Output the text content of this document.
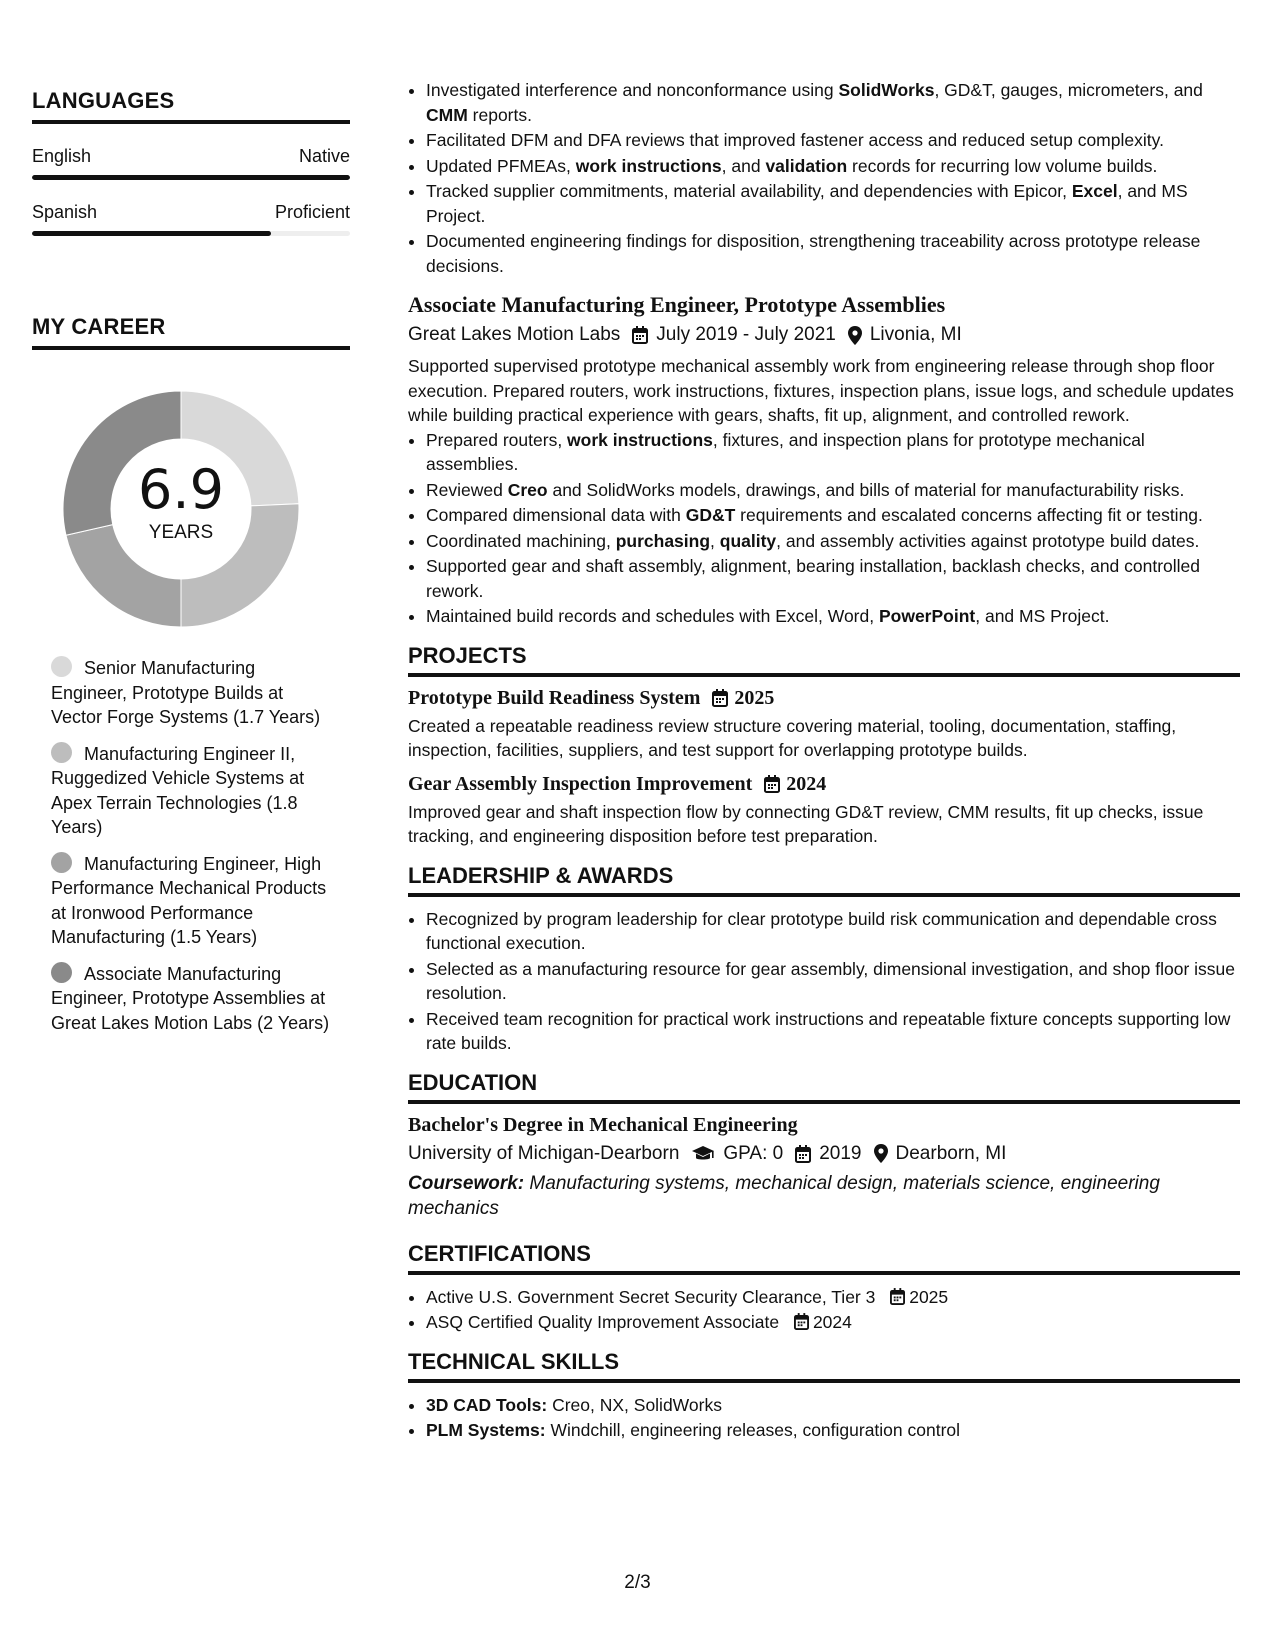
LANGUAGES
English	Native
Spanish	Proficient
MY CAREER
6.9
YEARS
Senior Manufacturing Engineer, Prototype Builds at Vector Forge Systems (1.7 Years)
Manufacturing Engineer II, Ruggedized Vehicle Systems at Apex Terrain Technologies (1.8 Years)
Manufacturing Engineer, High Performance Mechanical Products at Ironwood Performance Manufacturing (1.5 Years)
Associate Manufacturing Engineer, Prototype Assemblies at Great Lakes Motion Labs (2 Years)
• Investigated interference and nonconformance using SolidWorks, GD&T, gauges, micrometers, and CMM reports.
• Facilitated DFM and DFA reviews that improved fastener access and reduced setup complexity.
• Updated PFMEAs, work instructions, and validation records for recurring low volume builds.
• Tracked supplier commitments, material availability, and dependencies with Epicor, Excel, and MS Project.
• Documented engineering findings for disposition, strengthening traceability across prototype release decisions.
Associate Manufacturing Engineer, Prototype Assemblies
Great Lakes Motion Labs July 2019 - July 2021 Livonia, MI
Supported supervised prototype mechanical assembly work from engineering release through shop floor execution. Prepared routers, work instructions, fixtures, inspection plans, issue logs, and schedule updates while building practical experience with gears, shafts, fit up, alignment, and controlled rework.
• Prepared routers, work instructions, fixtures, and inspection plans for prototype mechanical assemblies.
• Reviewed Creo and SolidWorks models, drawings, and bills of material for manufacturability risks.
• Compared dimensional data with GD&T requirements and escalated concerns affecting fit or testing.
• Coordinated machining, purchasing, quality, and assembly activities against prototype build dates.
• Supported gear and shaft assembly, alignment, bearing installation, backlash checks, and controlled rework.
• Maintained build records and schedules with Excel, Word, PowerPoint, and MS Project.
PROJECTS
Prototype Build Readiness System 2025
Created a repeatable readiness review structure covering material, tooling, documentation, staffing, inspection, facilities, suppliers, and test support for overlapping prototype builds.
Gear Assembly Inspection Improvement 2024
Improved gear and shaft inspection flow by connecting GD&T review, CMM results, fit up checks, issue tracking, and engineering disposition before test preparation.
LEADERSHIP & AWARDS
• Recognized by program leadership for clear prototype build risk communication and dependable cross functional execution.
• Selected as a manufacturing resource for gear assembly, dimensional investigation, and shop floor issue resolution.
• Received team recognition for practical work instructions and repeatable fixture concepts supporting low rate builds.
EDUCATION
Bachelor's Degree in Mechanical Engineering
University of Michigan-Dearborn GPA: 0 2019 Dearborn, MI
Coursework: Manufacturing systems, mechanical design, materials science, engineering mechanics
CERTIFICATIONS
• Active U.S. Government Secret Security Clearance, Tier 3 2025
• ASQ Certified Quality Improvement Associate 2024
TECHNICAL SKILLS
• 3D CAD Tools: Creo, NX, SolidWorks
• PLM Systems: Windchill, engineering releases, configuration control
2/3
